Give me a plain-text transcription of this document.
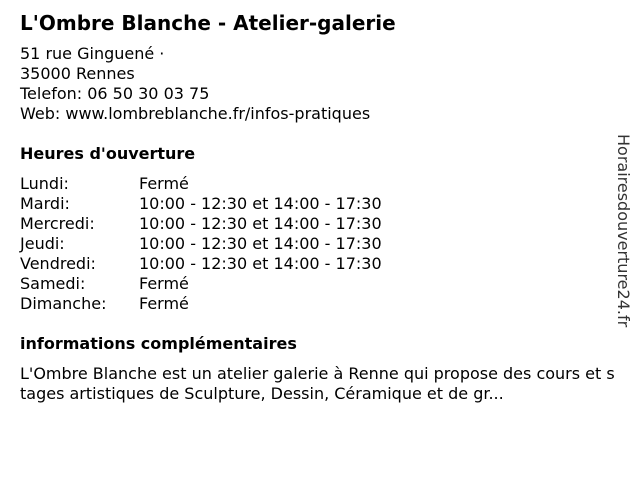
L'Ombre Blanche - Atelier-galerie
51 rue Ginguené ·
35000 Rennes
Telefon: 06 50 30 03 75
Web: www.lombreblanche.fr/infos-pratiques
Heures d'ouverture
Lundi:	Fermé
Mardi:	10:00 - 12:30 et 14:00 - 17:30
Mercredi:	10:00 - 12:30 et 14:00 - 17:30
Jeudi:	10:00 - 12:30 et 14:00 - 17:30
Vendredi:	10:00 - 12:30 et 14:00 - 17:30
Samedi:	Fermé
Dimanche: Fermé
informations complémentaires
L'Ombre Blanche est un atelier galerie à Renne qui propose des cours et stages artistiques de Sculpture, Dessin, Céramique et de gr...
Horairesdouverture24.fr
